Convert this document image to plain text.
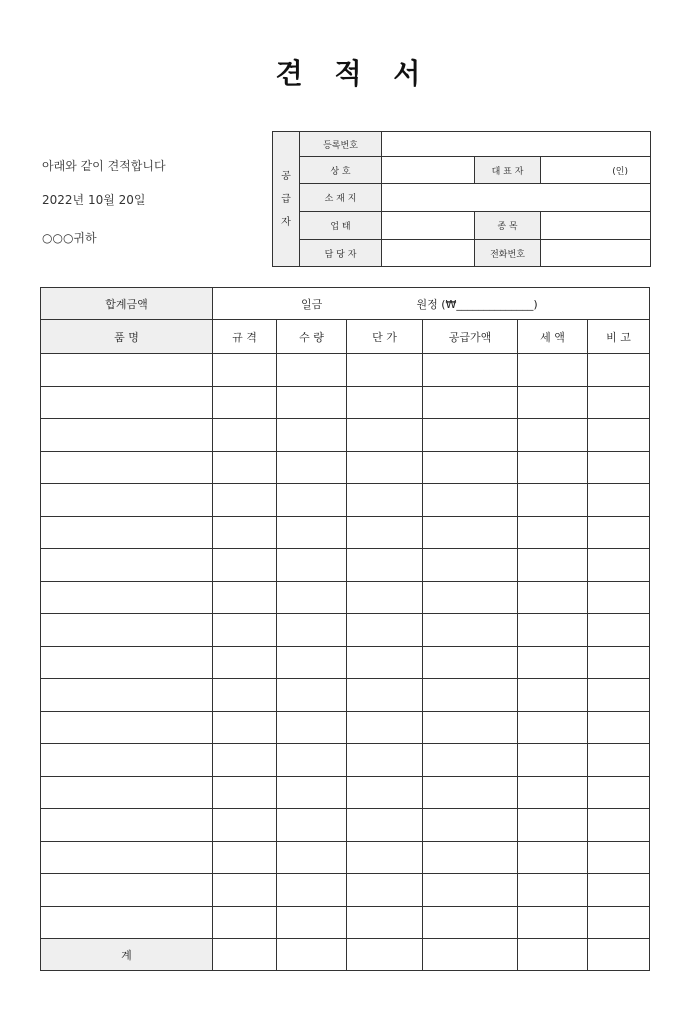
견 적 서
아래와 같이 견적합니다
2022년 10월 20일
○○○귀하
공
급
자	등록번호			
	상 호		대 표 자	(인)
	소 재 지			
	업 태		종 목	
	담 당 자		전화번호	
합계금액	일금 원정 (₩______________)					
품 명	규 격	수 량	단 가	공급가액	세 액	비 고

계						
